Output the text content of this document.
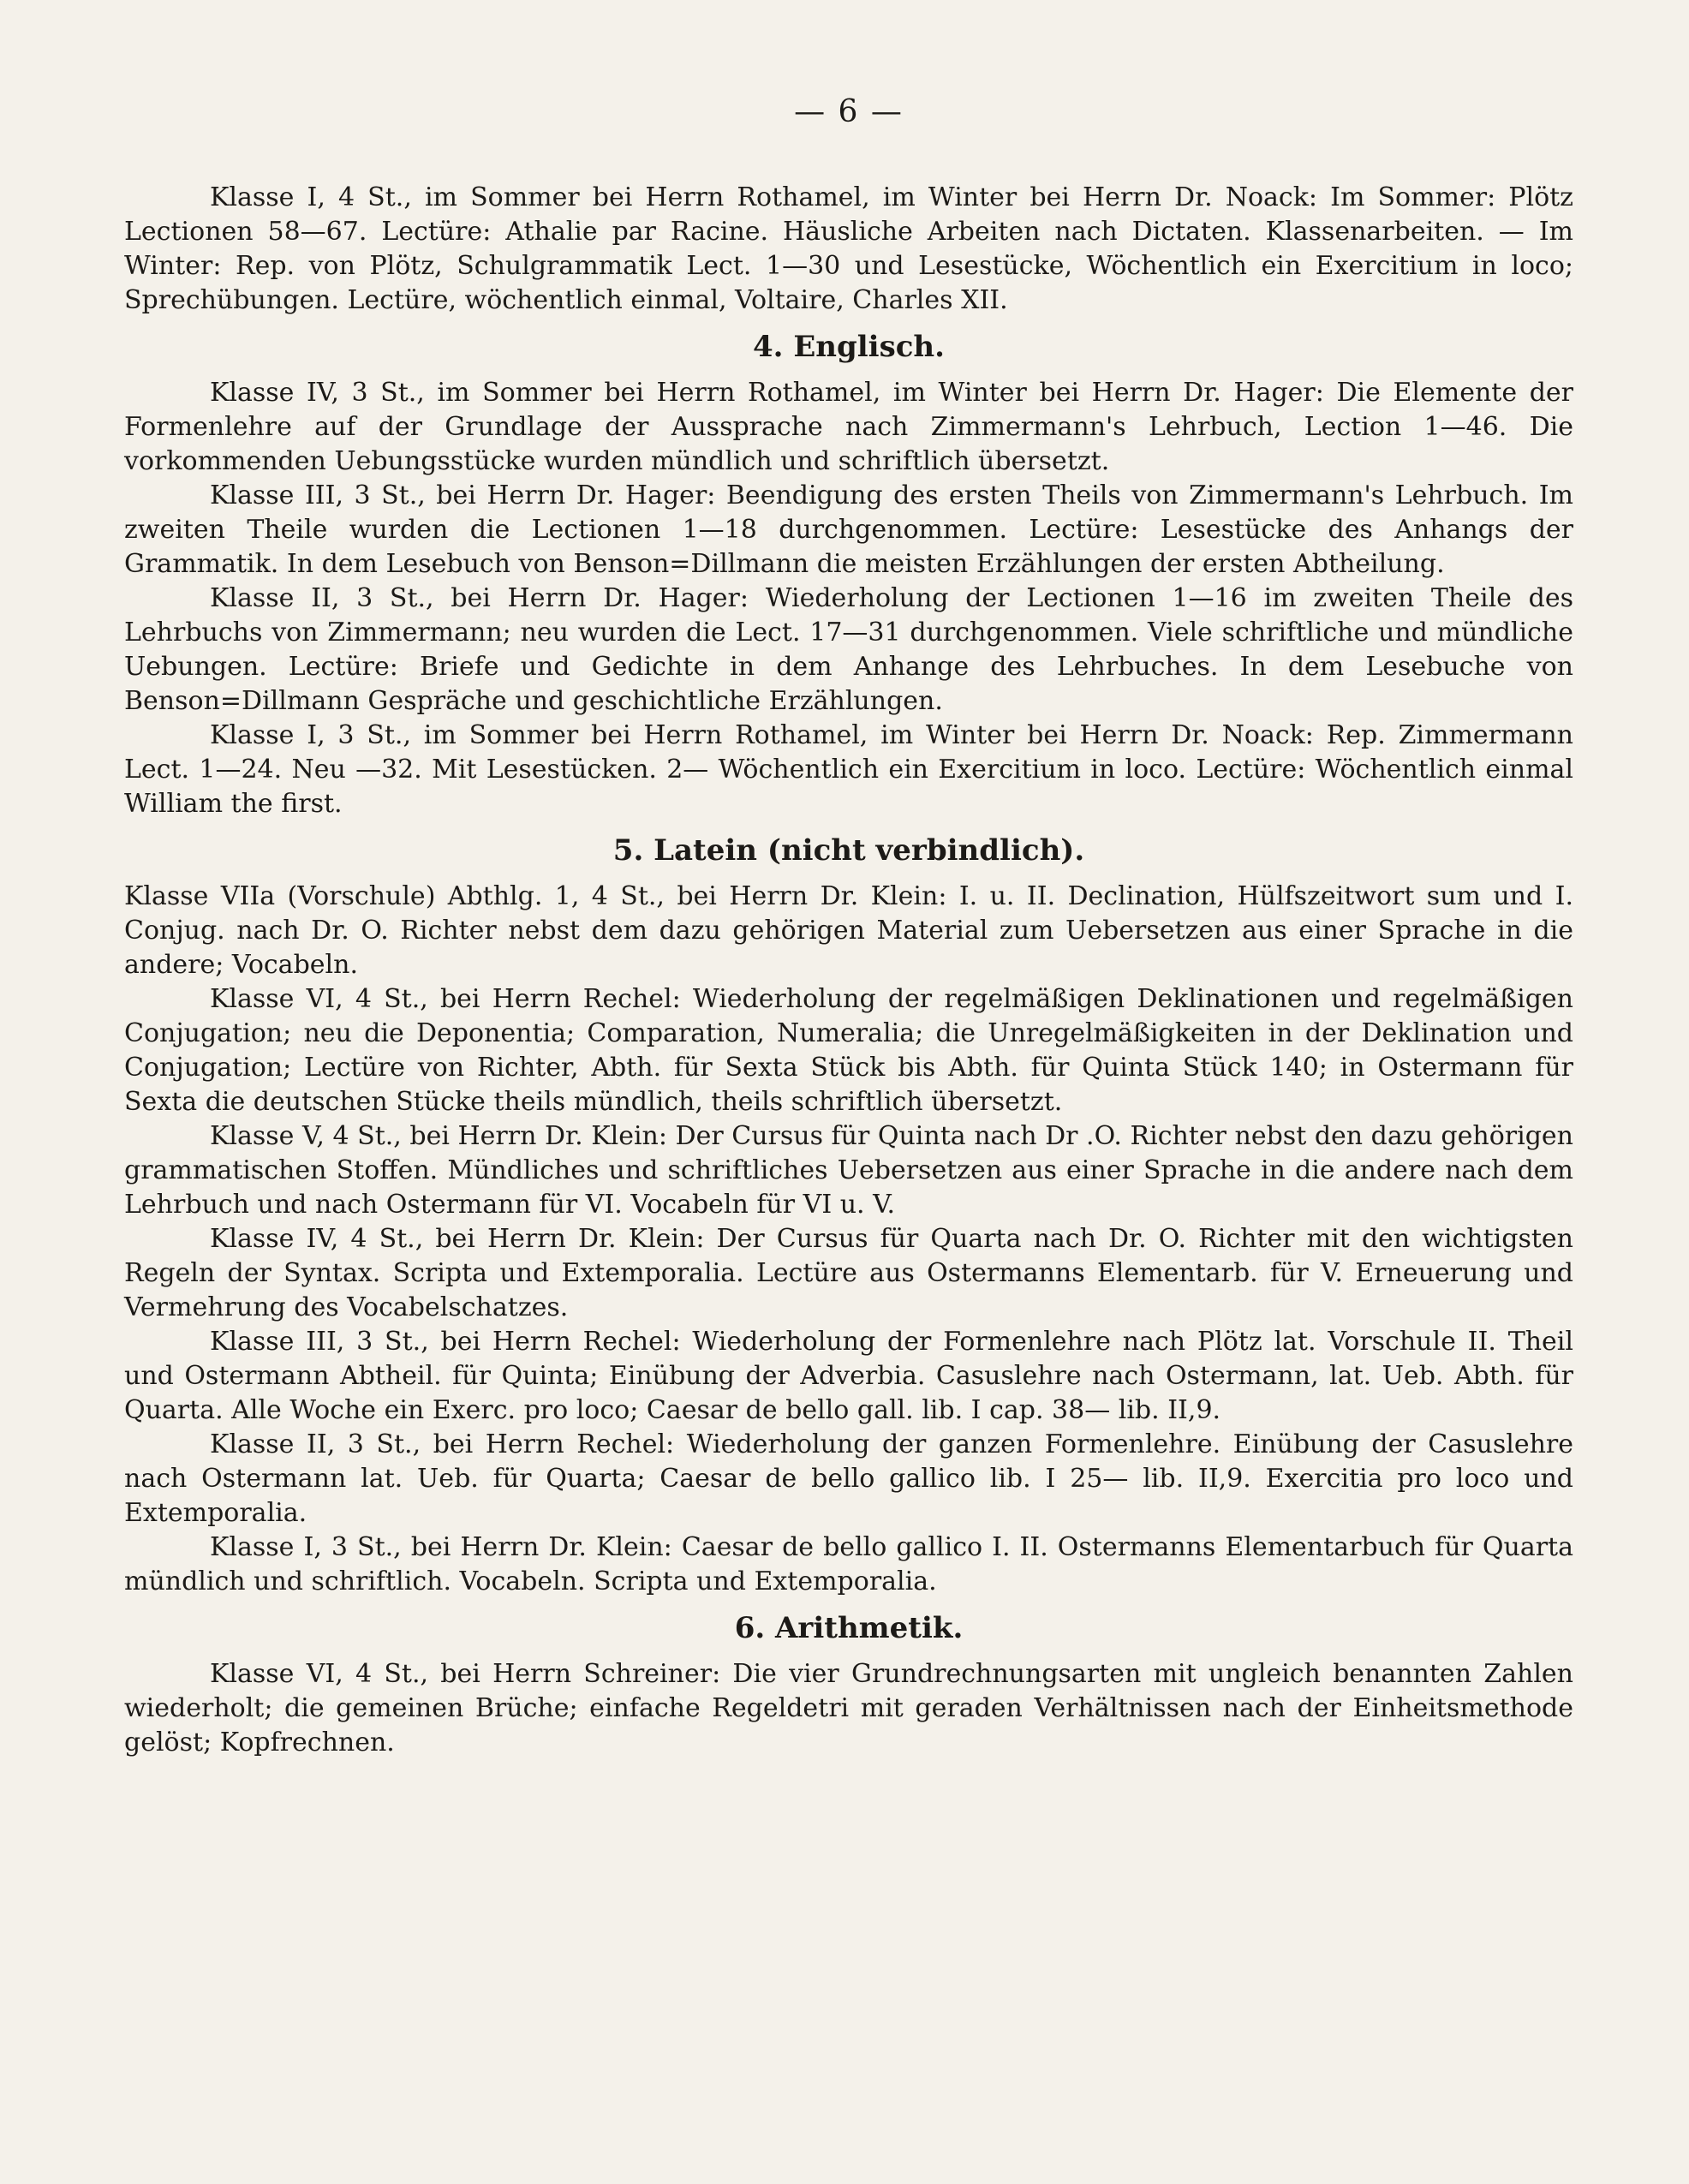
— 6 —

Klasse I, 4 St., im Sommer bei Herrn Rothamel, im Winter bei Herrn Dr. Noack: Im Sommer: Plötz Lectionen 58—67. Lectüre: Athalie par Racine. Häusliche Arbeiten nach Dictaten. Klassenarbeiten. — Im Winter: Rep. von Plötz, Schulgrammatik Lect. 1—30 und Lesestücke, Wöchentlich ein Exercitium in loco; Sprechübungen. Lectüre, wöchentlich einmal, Voltaire, Charles XII.

4. Englisch.

Klasse IV, 3 St., im Sommer bei Herrn Rothamel, im Winter bei Herrn Dr. Hager: Die Elemente der Formenlehre auf der Grundlage der Aussprache nach Zimmermann's Lehrbuch, Lection 1—46. Die vorkommenden Uebungsstücke wurden mündlich und schriftlich übersetzt.

Klasse III, 3 St., bei Herrn Dr. Hager: Beendigung des ersten Theils von Zimmermann's Lehrbuch. Im zweiten Theile wurden die Lectionen 1—18 durchgenommen. Lectüre: Lesestücke des Anhangs der Grammatik. In dem Lesebuch von Benson=Dillmann die meisten Erzählungen der ersten Abtheilung.

Klasse II, 3 St., bei Herrn Dr. Hager: Wiederholung der Lectionen 1—16 im zweiten Theile des Lehrbuchs von Zimmermann; neu wurden die Lect. 17—31 durchgenommen. Viele schriftliche und mündliche Uebungen. Lectüre: Briefe und Gedichte in dem Anhange des Lehrbuches. In dem Lesebuche von Benson=Dillmann Gespräche und geschichtliche Erzählungen.

Klasse I, 3 St., im Sommer bei Herrn Rothamel, im Winter bei Herrn Dr. Noack: Rep. Zimmermann Lect. 1—24. Neu —32. Mit Lesestücken. 2— Wöchentlich ein Exercitium in loco. Lectüre: Wöchentlich einmal William the first.

5. Latein (nicht verbindlich).

Klasse VIIa (Vorschule) Abthlg. 1, 4 St., bei Herrn Dr. Klein: I. u. II. Declination, Hülfszeitwort sum und I. Conjug. nach Dr. O. Richter nebst dem dazu gehörigen Material zum Uebersetzen aus einer Sprache in die andere; Vocabeln.

Klasse VI, 4 St., bei Herrn Rechel: Wiederholung der regelmäßigen Deklinationen und regelmäßigen Conjugation; neu die Deponentia; Comparation, Numeralia; die Unregelmäßigkeiten in der Deklination und Conjugation; Lectüre von Richter, Abth. für Sexta Stück bis Abth. für Quinta Stück 140; in Ostermann für Sexta die deutschen Stücke theils mündlich, theils schriftlich übersetzt.

Klasse V, 4 St., bei Herrn Dr. Klein: Der Cursus für Quinta nach Dr .O. Richter nebst den dazu gehörigen grammatischen Stoffen. Mündliches und schriftliches Uebersetzen aus einer Sprache in die andere nach dem Lehrbuch und nach Ostermann für VI. Vocabeln für VI u. V.

Klasse IV, 4 St., bei Herrn Dr. Klein: Der Cursus für Quarta nach Dr. O. Richter mit den wichtigsten Regeln der Syntax. Scripta und Extemporalia. Lectüre aus Ostermanns Elementarb. für V. Erneuerung und Vermehrung des Vocabelschatzes.

Klasse III, 3 St., bei Herrn Rechel: Wiederholung der Formenlehre nach Plötz lat. Vorschule II. Theil und Ostermann Abtheil. für Quinta; Einübung der Adverbia. Casuslehre nach Ostermann, lat. Ueb. Abth. für Quarta. Alle Woche ein Exerc. pro loco; Caesar de bello gall. lib. I cap. 38— lib. II,9.

Klasse II, 3 St., bei Herrn Rechel: Wiederholung der ganzen Formenlehre. Einübung der Casuslehre nach Ostermann lat. Ueb. für Quarta; Caesar de bello gallico lib. I 25— lib. II,9. Exercitia pro loco und Extemporalia.

Klasse I, 3 St., bei Herrn Dr. Klein: Caesar de bello gallico I. II. Ostermanns Elementarbuch für Quarta mündlich und schriftlich. Vocabeln. Scripta und Extemporalia.

6. Arithmetik.

Klasse VI, 4 St., bei Herrn Schreiner: Die vier Grundrechnungsarten mit ungleich benannten Zahlen wiederholt; die gemeinen Brüche; einfache Regeldetri mit geraden Verhältnissen nach der Einheitsmethode gelöst; Kopfrechnen.
